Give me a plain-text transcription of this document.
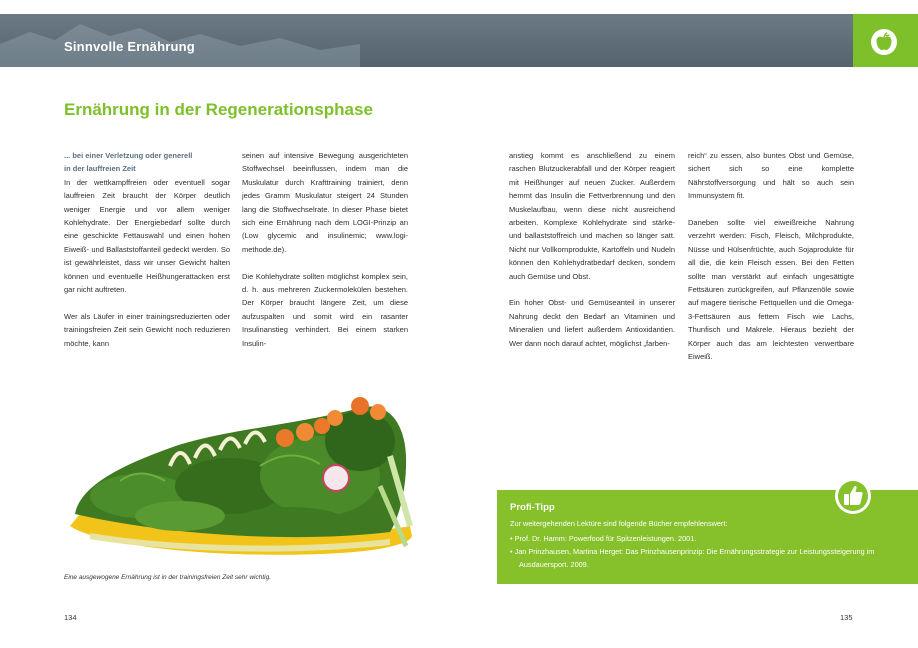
Sinnvolle Ernährung
Ernährung in der Regenerationsphase
... bei einer Verletzung oder generell
in der lauffreien Zeit

In der wettkampffreien oder eventuell sogar lauffreien Zeit braucht der Körper deutlich weniger Energie und vor allem weniger Kohlehydrate. Der Energiebedarf sollte durch eine geschickte Fettauswahl und einen hohen Eiweiß- und Ballaststoffanteil gedeckt werden. So ist gewährleistet, dass wir unser Gewicht halten können und eventuelle Heißhungerattacken erst gar nicht auftreten.

Wer als Läufer in einer trainingsreduzierten oder trainingsfreien Zeit sein Gewicht noch reduzieren möchte, kann

seinen auf intensive Bewegung ausgerichteten Stoffwechsel beeinflussen, indem man die Muskulatur durch Krafttraining trainiert, denn jedes Gramm Muskulatur steigert 24 Stunden lang die Stoffwechselrate. In dieser Phase bietet sich eine Ernährung nach dem LOGI-Prinzip an (Low glycemic and insulinemic; www.logi-methode.de).

Die Kohlehydrate sollten möglichst komplex sein, d. h. aus mehreren Zuckermolekülen bestehen. Der Körper braucht längere Zeit, um diese aufzuspalten und somit wird ein rasanter Insulinanstieg verhindert. Bei einem starken Insulin-

anstieg kommt es anschließend zu einem raschen Blutzuckerabfall und der Körper reagiert mit Heißhunger auf neuen Zucker. Außerdem hemmt das Insulin die Fettverbrennung und den Muskelaufbau, wenn diese nicht ausreichend arbeiten. Komplexe Kohlehydrate sind stärke- und ballaststoffreich und machen so länger satt. Nicht nur Vollkornprodukte, Kartoffeln und Nudeln können den Kohlehydratbedarf decken, sondern auch Gemüse und Obst.

Ein hoher Obst- und Gemüseanteil in unserer Nahrung deckt den Bedarf an Vitaminen und Mineralien und liefert außerdem Antioxidantien. Wer dann noch darauf achtet, möglichst „farben-

reich“ zu essen, also buntes Obst und Gemüse, sichert sich so eine komplette Nährstoffversorgung und hält so auch sein Immunsystem fit.

Daneben sollte viel eiweißreiche Nahrung verzehrt werden: Fisch, Fleisch, Milchprodukte, Nüsse und Hülsenfrüchte, auch Sojaprodukte für all die, die kein Fleisch essen. Bei den Fetten sollte man verstärkt auf einfach ungesättigte Fettsäuren zurückgreifen, auf Pflanzenöle sowie auf magere tierische Fettquellen und die Omega-3-Fettsäuren aus fettem Fisch wie Lachs, Thunfisch und Makrele. Hieraus bezieht der Körper auch das am leichtesten verwertbare Eiweiß.

Eine ausgewogene Ernährung ist in der trainingsfreien Zeit sehr wichtig.
Profi-Tipp
Zur weitergehenden Lektüre sind folgende Bücher empfehlenswert:
• Prof. Dr. Hamm: Powerfood für Spitzenleistungen. 2001.
• Jan Prinzhausen, Martina Herget: Das Prinzhausenprinzip: Die Ernährungsstrategie zur Leistungssteigerung im Ausdauersport. 2009.
134	135
